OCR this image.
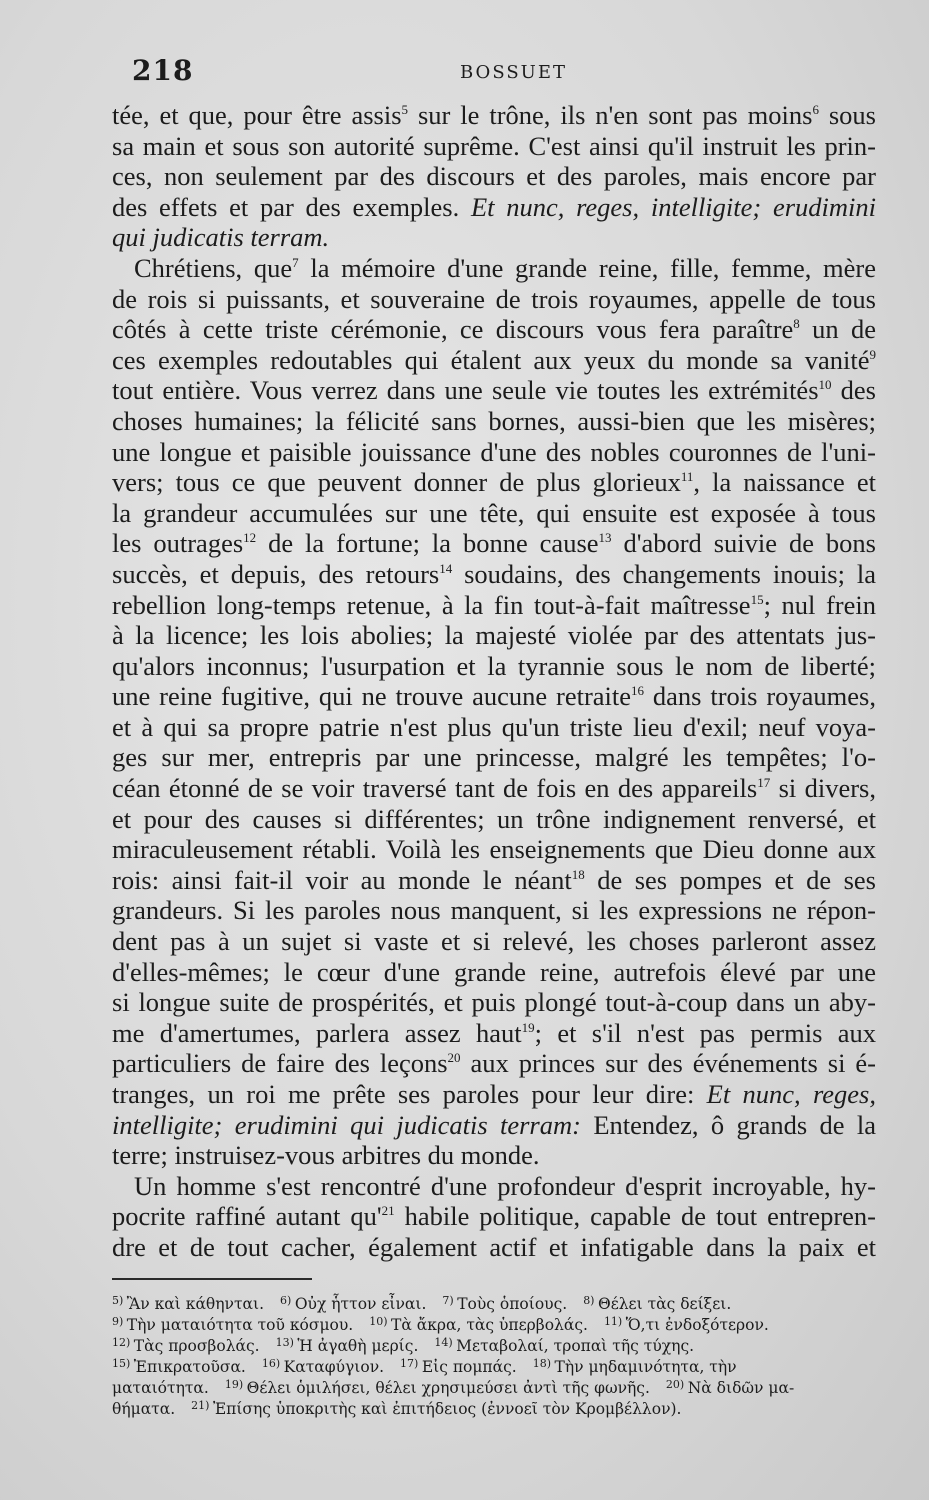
218	BOSSUET
tée, et que, pour être assis$^5$ sur le trône, ils n'en sont pas moins$^6$ sous
sa main et sous son autorité suprême. C'est ainsi qu'il instruit les prin-
ces, non seulement par des discours et des paroles, mais encore par
des effets et par des exemples. Et nunc, reges, intelligite; erudimini
qui judicatis terram.
Chrétiens, que$^7$ la mémoire d'une grande reine, fille, femme, mère
de rois si puissants, et souveraine de trois royaumes, appelle de tous
côtés à cette triste cérémonie, ce discours vous fera paraître$^8$ un de
ces exemples redoutables qui étalent aux yeux du monde sa vanité$^9$
tout entière. Vous verrez dans une seule vie toutes les extrémités$^{10}$ des
choses humaines; la félicité sans bornes, aussi-bien que les misères;
une longue et paisible jouissance d'une des nobles couronnes de l'uni-
vers; tous ce que peuvent donner de plus glorieux$^{11}$, la naissance et
la grandeur accumulées sur une tête, qui ensuite est exposée à tous
les outrages$^{12}$ de la fortune; la bonne cause$^{13}$ d'abord suivie de bons
succès, et depuis, des retours$^{14}$ soudains, des changements inouis; la
rebellion long-temps retenue, à la fin tout-à-fait maîtresse$^{15}$; nul frein
à la licence; les lois abolies; la majesté violée par des attentats jus-
qu'alors inconnus; l'usurpation et la tyrannie sous le nom de liberté;
une reine fugitive, qui ne trouve aucune retraite$^{16}$ dans trois royaumes,
et à qui sa propre patrie n'est plus qu'un triste lieu d'exil; neuf voya-
ges sur mer, entrepris par une princesse, malgré les tempêtes; l'o-
céan étonné de se voir traversé tant de fois en des appareils$^{17}$ si divers,
et pour des causes si différentes; un trône indignement renversé, et
miraculeusement rétabli. Voilà les enseignements que Dieu donne aux
rois: ainsi fait-il voir au monde le néant$^{18}$ de ses pompes et de ses
grandeurs. Si les paroles nous manquent, si les expressions ne répon-
dent pas à un sujet si vaste et si relevé, les choses parleront assez
d'elles-mêmes; le cœur d'une grande reine, autrefois élevé par une
si longue suite de prospérités, et puis plongé tout-à-coup dans un aby-
me d'amertumes, parlera assez haut$^{19}$; et s'il n'est pas permis aux
particuliers de faire des leçons$^{20}$ aux princes sur des événements si é-
tranges, un roi me prête ses paroles pour leur dire: Et nunc, reges,
intelligite; erudimini qui judicatis terram: Entendez, ô grands de la
terre; instruisez-vous arbitres du monde.
Un homme s'est rencontré d'une profondeur d'esprit incroyable, hy-
pocrite raffiné autant $qu'^{21}$ habile politique, capable de tout entrepren-
dre et de tout cacher, également actif et infatigable dans la paix et
$^{5)}$ Ἂν καὶ κάθηνται. $^{6)}$ Οὐχ ἧττον εἶναι. $^{7)}$ Τοὺς ὁποίους. $^{8)}$ Θέλει τὰς δείξει.
$^{9)}$ Τὴν ματαιότητα τοῦ κόσμου. $^{10)}$ Τὰ ἄκρα, τὰς ὑπερβολάς. $^{11)}$ Ὅ,τι ἐνδοξότερον.
$^{12)}$ Τὰς προσβολάς. $^{13)}$ Ἡ ἀγαθὴ μερίς. $^{14)}$ Μεταβολαί, τροπαὶ τῆς τύχης.
$^{15)}$ Ἐπικρατοῦσα. $^{16)}$ Καταφύγιον. $^{17)}$ Εἰς πομπάς. $^{18)}$ Τὴν μηδαμινότητα, τὴν
ματαιότητα. $^{19)}$ Θέλει ὁμιλήσει, θέλει χρησιμεύσει ἀντὶ τῆς φωνῆς. $^{20)}$ Νὰ διδῶν μα-
θήματα. $^{21)}$ Ἐπίσης ὑποκριτὴς καὶ ἐπιτήδειος (ἐννοεῖ τὸν Κρομβέλλον).
